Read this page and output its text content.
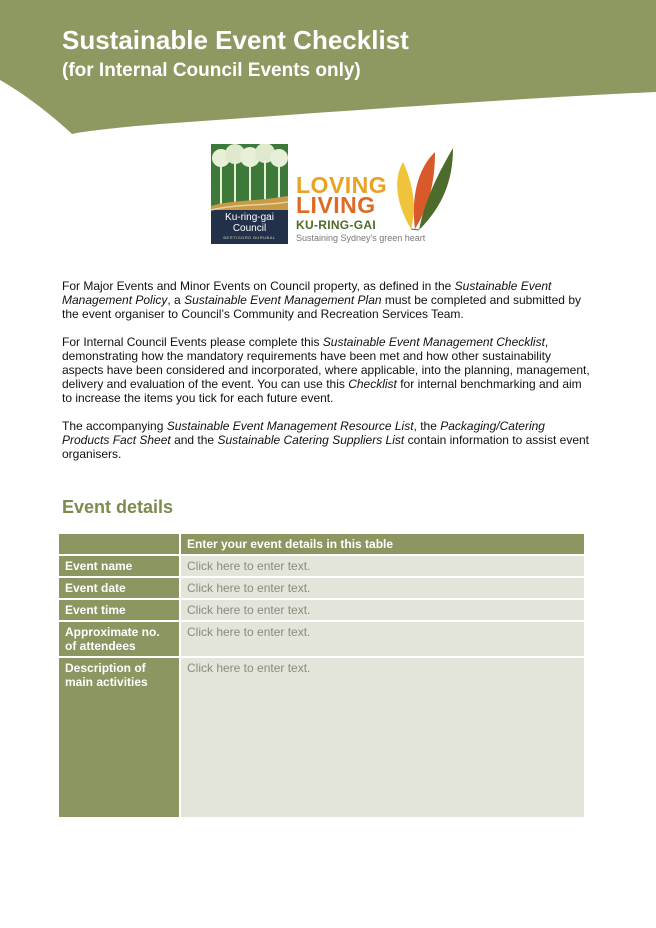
Sustainable Event Checklist
(for Internal Council Events only)
Ku-ring-gai
Council
BERTIGORD BURUBAL
LOVING
LIVING
KU-RING-GAI
Sustaining Sydney's green heart

For Major Events and Minor Events on Council property, as defined in the Sustainable Event Management Policy, a Sustainable Event Management Plan must be completed and submitted by the event organiser to Council’s Community and Recreation Services Team.

For Internal Council Events please complete this Sustainable Event Management Checklist, demonstrating how the mandatory requirements have been met and how other sustainability aspects have been considered and incorporated, where applicable, into the planning, management, delivery and evaluation of the event. You can use this Checklist for internal benchmarking and aim to increase the items you tick for each future event.

The accompanying Sustainable Event Management Resource List, the Packaging/Catering Products Fact Sheet and the Sustainable Catering Suppliers List contain information to assist event organisers.

Event details
	Enter your event details in this table
Event name	Click here to enter text.
Event date	Click here to enter text.
Event time	Click here to enter text.
Approximate no. of attendees	Click here to enter text.
Description of main activities	Click here to enter text.
